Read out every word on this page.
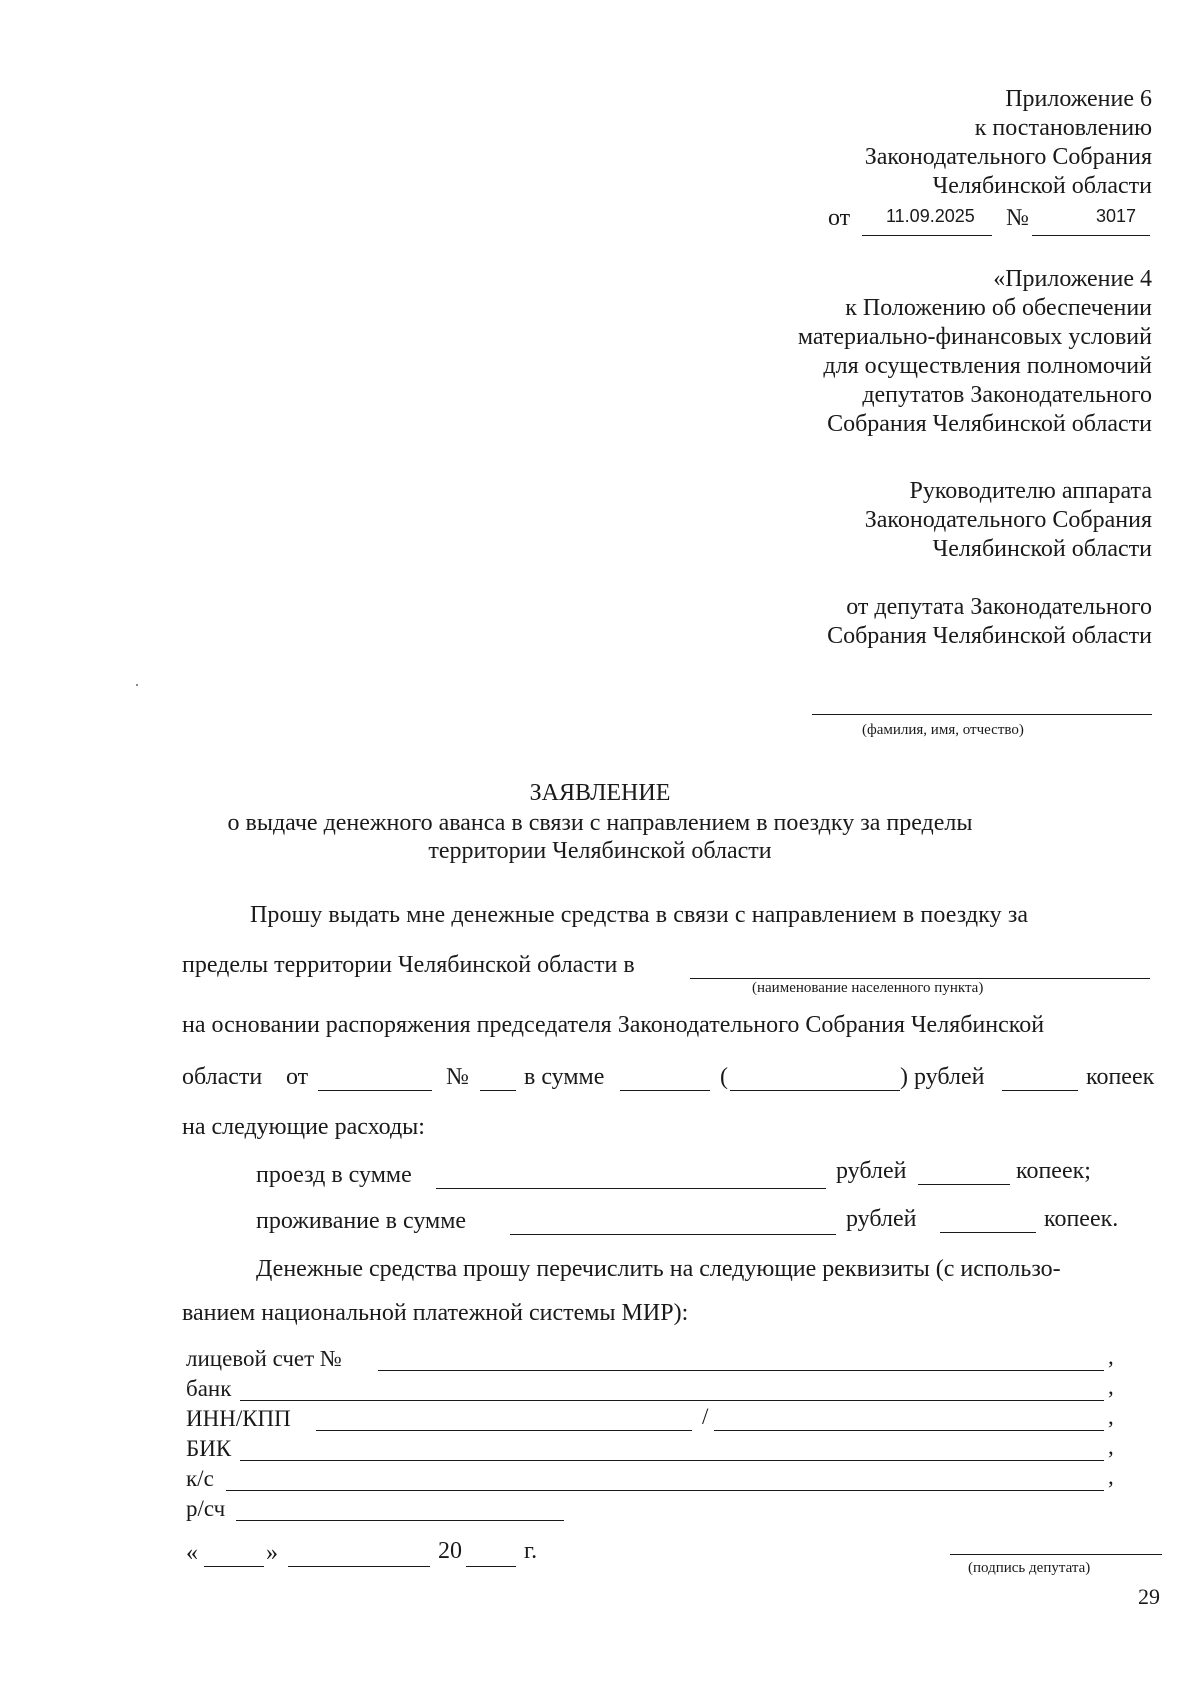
Приложение 6
к постановлению
Законодательного Собрания
Челябинской области
от 11.09.2025 №	3017
«Приложение 4
к Положению об обеспечении
материально-финансовых условий
для осуществления полномочий
депутатов Законодательного
Собрания Челябинской области
Руководителю аппарата
Законодательного Собрания
Челябинской области
от депутата Законодательного
Собрания Челябинской области
(фамилия, имя, отчество)
ЗАЯВЛЕНИЕ
о выдаче денежного аванса в связи с направлением в поездку за пределы
территории Челябинской области
Прошу выдать мне денежные средства в связи с направлением в поездку за
пределы территории Челябинской области в
(наименование населенного пункта)
на основании распоряжения председателя Законодательного Собрания Челябинской
области от	№ в сумме	(	) рублей	копеек
на следующие расходы:
проезд в сумме	рублей	копеек;
проживание в сумме	рублей	копеек.
Денежные средства прошу перечислить на следующие реквизиты (с использо-
ванием национальной платежной системы МИР):
лицевой счет №	,
банк	,
ИНН/КПП	/	,
БИК	,
к/с	,
р/сч
«	»	20	г.
(подпись депутата)
29
